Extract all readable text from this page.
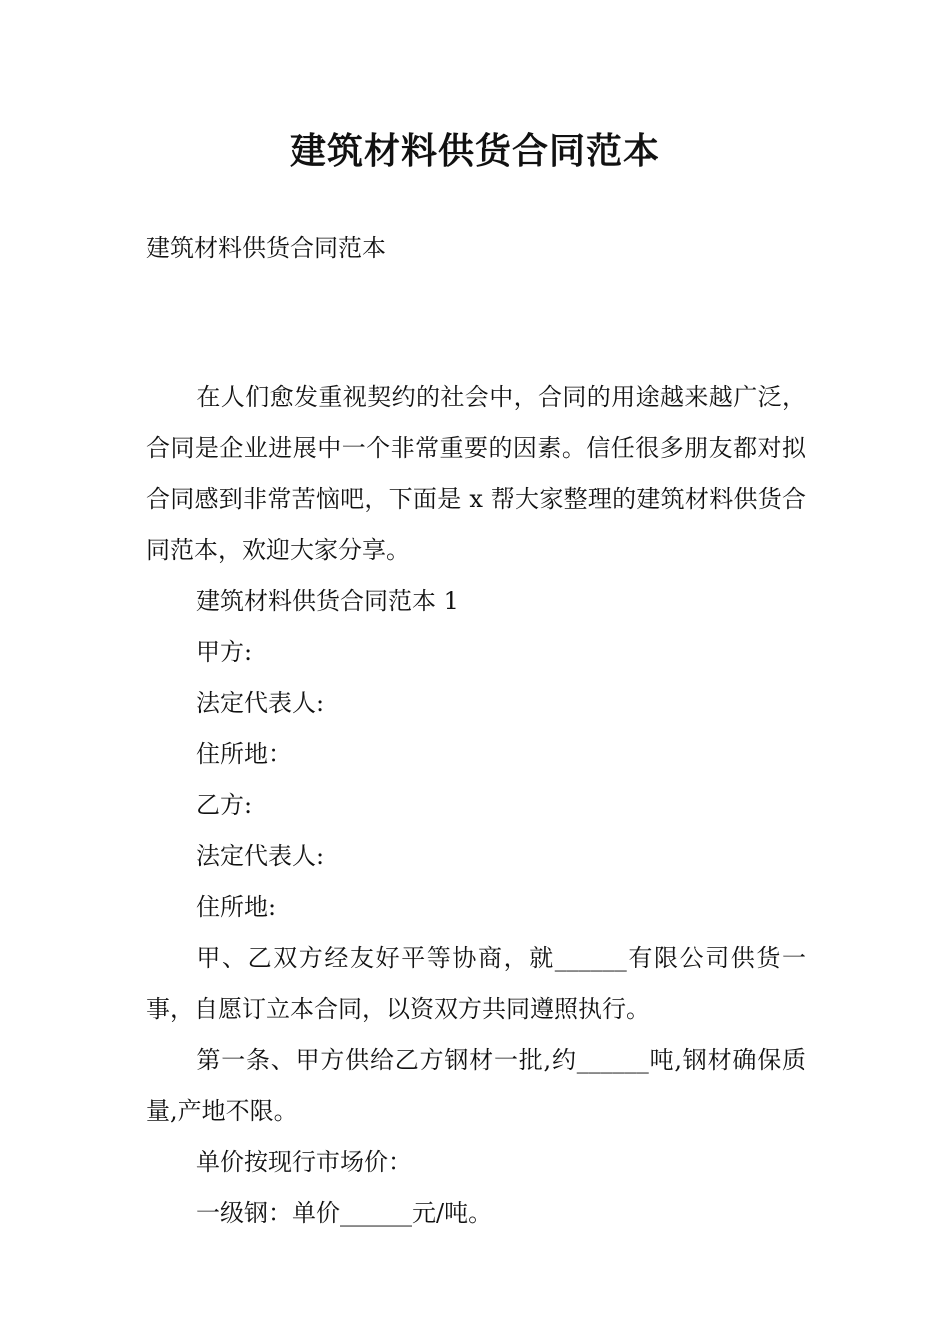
建筑材料供货合同范本
建筑材料供货合同范本

在人们愈发重视契约的社会中，合同的用途越来越广泛，合同是企业进展中一个非常重要的因素。信任很多朋友都对拟合同感到非常苦恼吧，下面是 x 帮大家整理的建筑材料供货合同范本，欢迎大家分享。

建筑材料供货合同范本 1

甲方:

法定代表人:

住所地：

乙方:

法定代表人:

住所地:

甲、乙双方经友好平等协商，就______有限公司供货一事，自愿订立本合同，以资双方共同遵照执行。

第一条、甲方供给乙方钢材一批,约______吨,钢材确保质量,产地不限。

单价按现行市场价：

一级钢：单价______元/吨。
